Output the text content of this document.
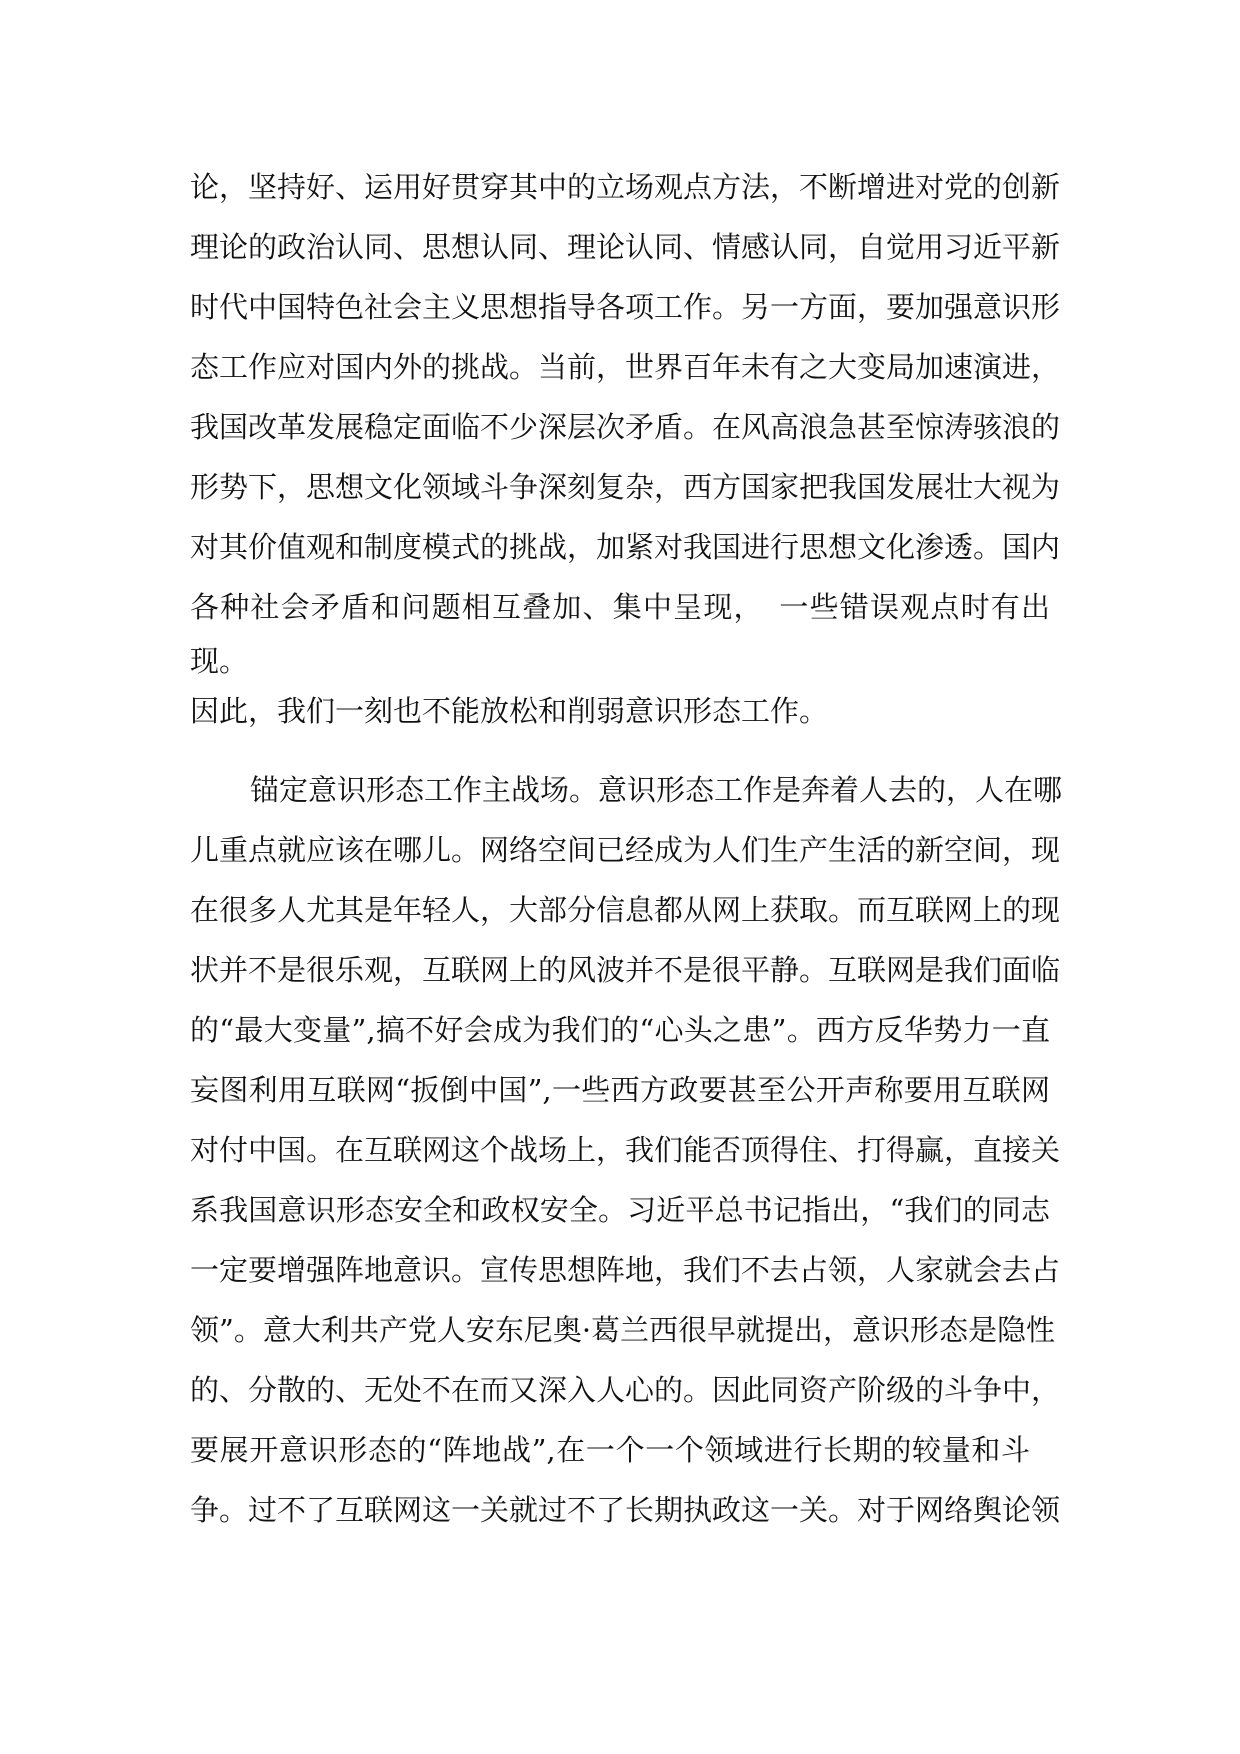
论，坚持好、运用好贯穿其中的立场观点方法，不断增进对党的创新
理论的政治认同、思想认同、理论认同、情感认同，自觉用习近平新
时代中国特色社会主义思想指导各项工作。另一方面，要加强意识形
态工作应对国内外的挑战。当前，世界百年未有之大变局加速演进，
我国改革发展稳定面临不少深层次矛盾。在风高浪急甚至惊涛骇浪的
形势下，思想文化领域斗争深刻复杂，西方国家把我国发展壮大视为
对其价值观和制度模式的挑战，加紧对我国进行思想文化渗透。国内
各种社会矛盾和问题相互叠加、集中呈现，　一些错误观点时有出
现。
因此，我们一刻也不能放松和削弱意识形态工作。
锚定意识形态工作主战场。意识形态工作是奔着人去的，人在哪
儿重点就应该在哪儿。网络空间已经成为人们生产生活的新空间，现
在很多人尤其是年轻人，大部分信息都从网上获取。而互联网上的现
状并不是很乐观，互联网上的风波并不是很平静。互联网是我们面临
的“最大变量”,搞不好会成为我们的“心头之患”。西方反华势力一直
妄图利用互联网“扳倒中国”,一些西方政要甚至公开声称要用互联网
对付中国。在互联网这个战场上，我们能否顶得住、打得赢，直接关
系我国意识形态安全和政权安全。习近平总书记指出，“我们的同志
一定要增强阵地意识。宣传思想阵地，我们不去占领，人家就会去占
领”。意大利共产党人安东尼奥·葛兰西很早就提出，意识形态是隐性
的、分散的、无处不在而又深入人心的。因此同资产阶级的斗争中，
要展开意识形态的“阵地战”,在一个一个领域进行长期的较量和斗
争。过不了互联网这一关就过不了长期执政这一关。对于网络舆论领
